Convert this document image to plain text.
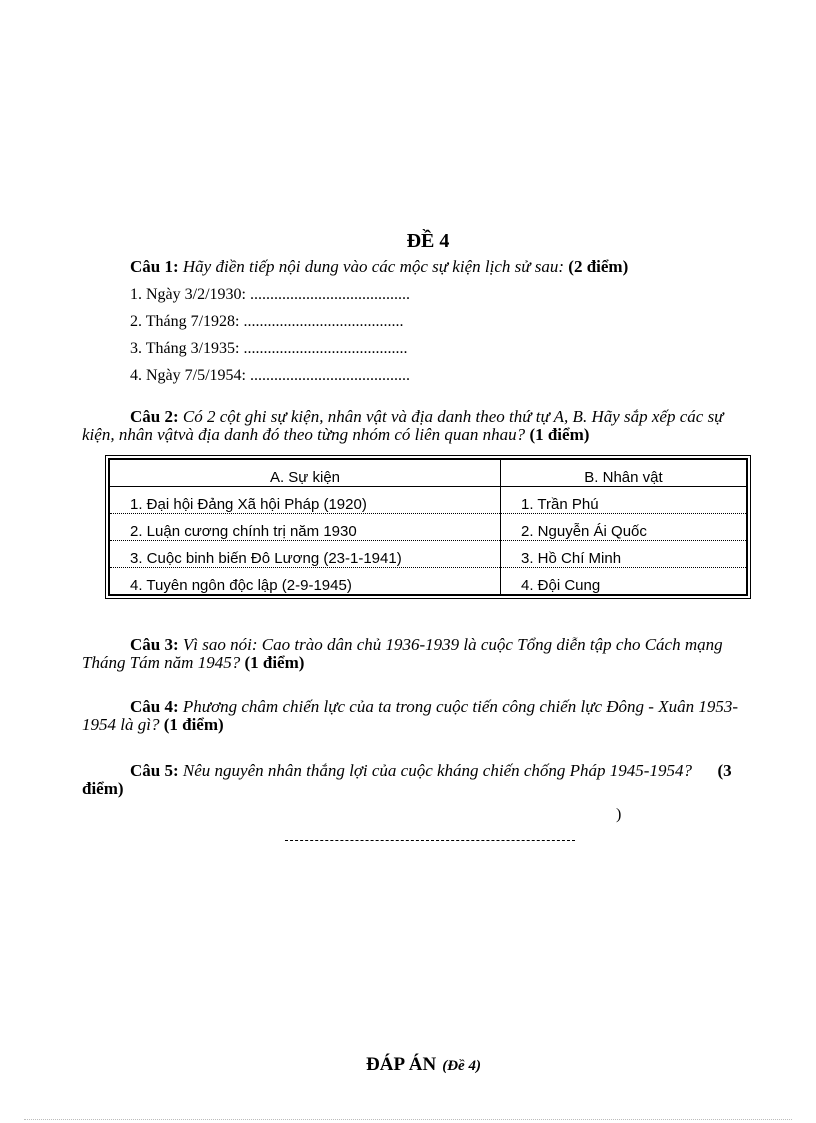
ĐỀ 4
Câu 1: Hãy điền tiếp nội dung vào các mộc sự kiện lịch sử sau: (2 điểm)
1. Ngày 3/2/1930: ........................................
2. Tháng 7/1928: ........................................
3. Tháng 3/1935: .........................................
4. Ngày 7/5/1954: ........................................
Câu 2: Có 2 cột ghi sự kiện, nhân vật và địa danh theo thứ tự A, B. Hãy sắp xếp các sự kiện, nhân vậtvà địa danh đó theo từng nhóm có liên quan nhau? (1 điểm)
A. Sự kiện	B. Nhân vật
1. Đại hội Đảng Xã hội Pháp (1920)	1. Trần Phú
2. Luận cương chính trị năm 1930	2. Nguyễn Ái Quốc
3. Cuộc binh biến Đô Lương (23-1-1941)	3. Hồ Chí Minh
4. Tuyên ngôn độc lập (2-9-1945)	4. Đội Cung
Câu 3: Vì sao nói: Cao trào dân chủ 1936-1939 là cuộc Tổng diễn tập cho Cách mạng Tháng Tám năm 1945? (1 điểm)
Câu 4: Phương châm chiến lực của ta trong cuộc tiến công chiến lực Đông - Xuân 1953-1954 là gì? (1 điểm)
Câu 5: Nêu nguyên nhân thắng lợi của cuộc kháng chiến chống Pháp 1945-1954? (3 điểm)
)
ĐÁP ÁN (Đề 4)
